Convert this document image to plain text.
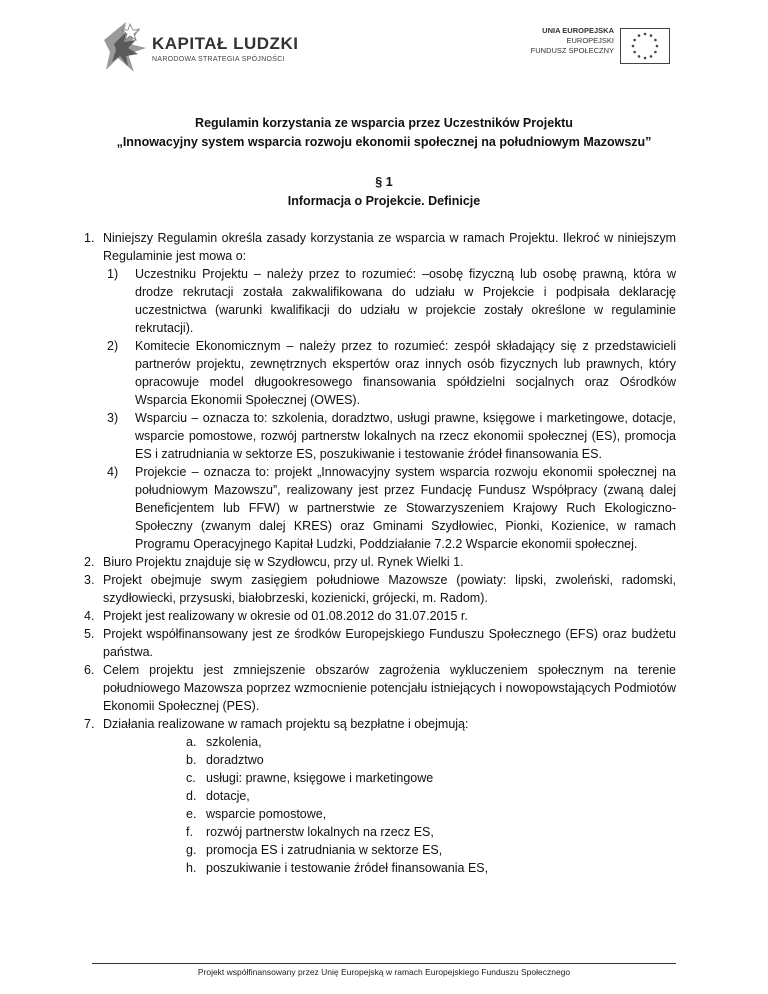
KAPITAŁ LUDZKI
NARODOWA STRATEGIA SPÓJNOŚCI
UNIA EUROPEJSKA
EUROPEJSKI
FUNDUSZ SPOŁECZNY
Regulamin korzystania ze wsparcia przez Uczestników Projektu
„Innowacyjny system wsparcia rozwoju ekonomii społecznej na południowym Mazowszu”
§ 1
Informacja o Projekcie. Definicje
1. Niniejszy Regulamin określa zasady korzystania ze wsparcia w ramach Projektu. Ilekroć w niniejszym Regulaminie jest mowa o:
1) Uczestniku Projektu – należy przez to rozumieć: –osobę fizyczną lub osobę prawną, która w drodze rekrutacji została zakwalifikowana do udziału w Projekcie i podpisała deklarację uczestnictwa (warunki kwalifikacji do udziału w projekcie zostały określone w regulaminie rekrutacji).
2) Komitecie Ekonomicznym – należy przez to rozumieć: zespół składający się z przedstawicieli partnerów projektu, zewnętrznych ekspertów oraz innych osób fizycznych lub prawnych, który opracowuje model długookresowego finansowania spółdzielni socjalnych oraz Ośrodków Wsparcia Ekonomii Społecznej (OWES).
3) Wsparciu – oznacza to: szkolenia, doradztwo, usługi prawne, księgowe i marketingowe, dotacje, wsparcie pomostowe, rozwój partnerstw lokalnych na rzecz ekonomii społecznej (ES), promocja ES i zatrudniania w sektorze ES, poszukiwanie i testowanie źródeł finansowania ES.
4) Projekcie – oznacza to: projekt „Innowacyjny system wsparcia rozwoju ekonomii społecznej na południowym Mazowszu”, realizowany jest przez Fundację Fundusz Współpracy (zwaną dalej Beneficjentem lub FFW) w partnerstwie ze Stowarzyszeniem Krajowy Ruch Ekologiczno-Społeczny (zwanym dalej KRES) oraz Gminami Szydłowiec, Pionki, Kozienice, w ramach Programu Operacyjnego Kapitał Ludzki, Poddziałanie 7.2.2 Wsparcie ekonomii społecznej.
2. Biuro Projektu znajduje się w Szydłowcu, przy ul. Rynek Wielki 1.
3. Projekt obejmuje swym zasięgiem południowe Mazowsze (powiaty: lipski, zwoleński, radomski, szydłowiecki, przysuski, białobrzeski, kozienicki, grójecki, m. Radom).
4. Projekt jest realizowany w okresie od 01.08.2012 do 31.07.2015 r.
5. Projekt współfinansowany jest ze środków Europejskiego Funduszu Społecznego (EFS) oraz budżetu państwa.
6. Celem projektu jest zmniejszenie obszarów zagrożenia wykluczeniem społecznym na terenie południowego Mazowsza poprzez wzmocnienie potencjału istniejących i nowopowstających Podmiotów Ekonomii Społecznej (PES).
7. Działania realizowane w ramach projektu są bezpłatne i obejmują:
a. szkolenia,
b. doradztwo
c. usługi: prawne, księgowe i marketingowe
d. dotacje,
e. wsparcie pomostowe,
f. rozwój partnerstw lokalnych na rzecz ES,
g. promocja ES i zatrudniania w sektorze ES,
h. poszukiwanie i testowanie źródeł finansowania ES,
Projekt współfinansowany przez Unię Europejską w ramach Europejskiego Funduszu Społecznego
